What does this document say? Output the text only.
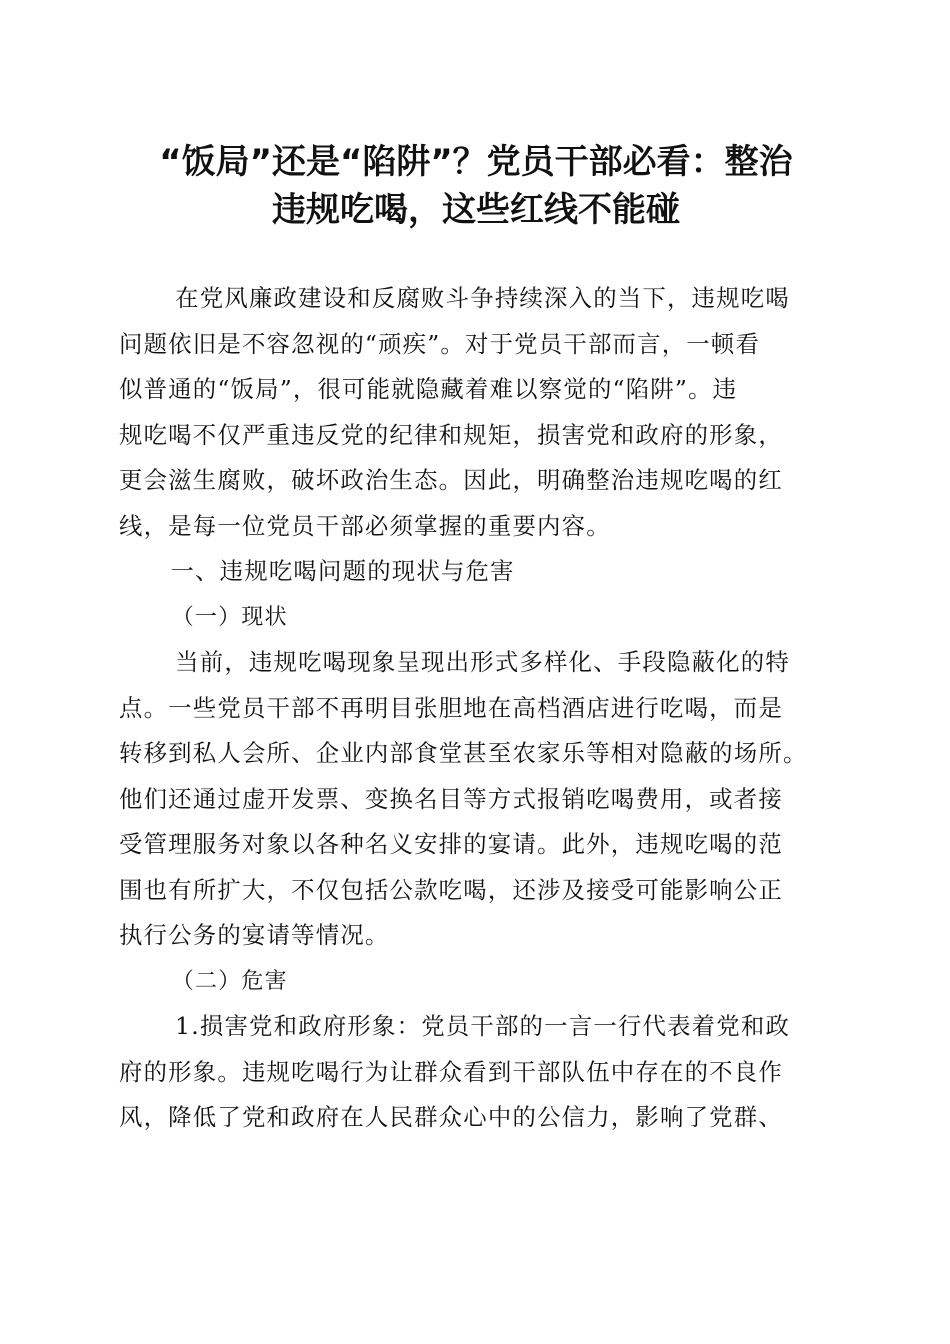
“饭局”还是“陷阱”？党员干部必看：整治
违规吃喝，这些红线不能碰

在党风廉政建设和反腐败斗争持续深入的当下，违规吃喝
问题依旧是不容忽视的“顽疾”。对于党员干部而言，一顿看
似普通的“饭局”，很可能就隐藏着难以察觉的“陷阱”。违
规吃喝不仅严重违反党的纪律和规矩，损害党和政府的形象，
更会滋生腐败，破坏政治生态。因此，明确整治违规吃喝的红
线，是每一位党员干部必须掌握的重要内容。

一、违规吃喝问题的现状与危害
（一）现状

当前，违规吃喝现象呈现出形式多样化、手段隐蔽化的特
点。一些党员干部不再明目张胆地在高档酒店进行吃喝，而是
转移到私人会所、企业内部食堂甚至农家乐等相对隐蔽的场所。
他们还通过虚开发票、变换名目等方式报销吃喝费用，或者接
受管理服务对象以各种名义安排的宴请。此外，违规吃喝的范
围也有所扩大，不仅包括公款吃喝，还涉及接受可能影响公正
执行公务的宴请等情况。

（二）危害

1.损害党和政府形象：党员干部的一言一行代表着党和政
府的形象。违规吃喝行为让群众看到干部队伍中存在的不良作
风，降低了党和政府在人民群众心中的公信力，影响了党群、
